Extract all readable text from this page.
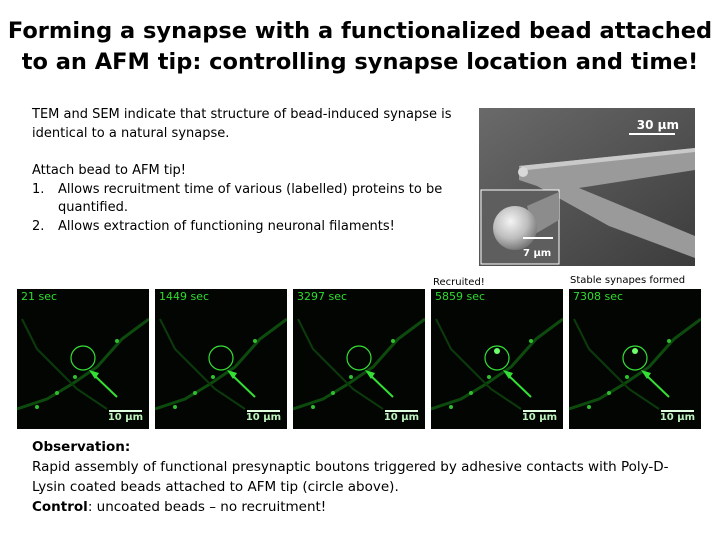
Forming a synapse with a functionalized bead attached to an AFM tip: controlling synapse location and time!
TEM and SEM indicate that structure of bead-induced synapse is identical to a natural synapse.
Attach bead to AFM tip!
1. Allows recruitment time of various (labelled) proteins to be quantified.
2. Allows extraction of functioning neuronal filaments!
30 μm
7 μm
Recruited!	Stable synapes formed
21 sec
10 μm
1449 sec
10 μm
3297 sec
10 μm
5859 sec
10 μm
7308 sec
10 μm
Observation:
Rapid assembly of functional presynaptic boutons triggered by adhesive contacts with Poly-D-Lysin coated beads attached to AFM tip (circle above).
Control: uncoated beads – no recruitment!
